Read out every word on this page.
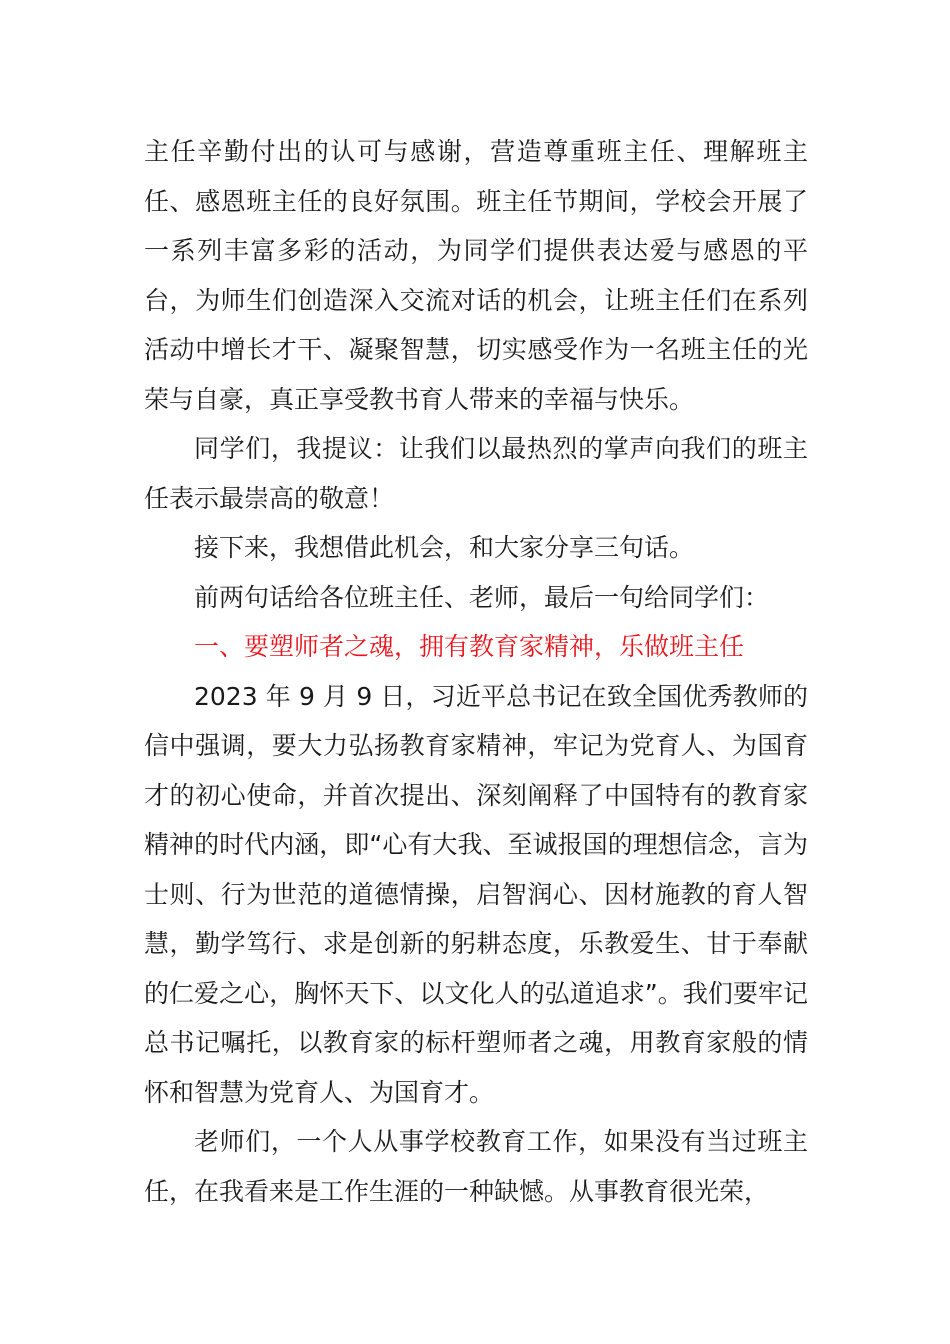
主任辛勤付出的认可与感谢，营造尊重班主任、理解班主任、感恩班主任的良好氛围。班主任节期间，学校会开展了一系列丰富多彩的活动，为同学们提供表达爱与感恩的平台，为师生们创造深入交流对话的机会，让班主任们在系列活动中增长才干、凝聚智慧，切实感受作为一名班主任的光荣与自豪，真正享受教书育人带来的幸福与快乐。

同学们，我提议：让我们以最热烈的掌声向我们的班主任表示最崇高的敬意！

接下来，我想借此机会，和大家分享三句话。

前两句话给各位班主任、老师，最后一句给同学们：

一、要塑师者之魂，拥有教育家精神，乐做班主任

2023 年 9 月 9 日，习近平总书记在致全国优秀教师的信中强调，要大力弘扬教育家精神，牢记为党育人、为国育才的初心使命，并首次提出、深刻阐释了中国特有的教育家精神的时代内涵，即“心有大我、至诚报国的理想信念，言为士则、行为世范的道德情操，启智润心、因材施教的育人智慧，勤学笃行、求是创新的躬耕态度，乐教爱生、甘于奉献的仁爱之心，胸怀天下、以文化人的弘道追求”。我们要牢记总书记嘱托，以教育家的标杆塑师者之魂，用教育家般的情怀和智慧为党育人、为国育才。

老师们，一个人从事学校教育工作，如果没有当过班主任，在我看来是工作生涯的一种缺憾。从事教育很光荣，
